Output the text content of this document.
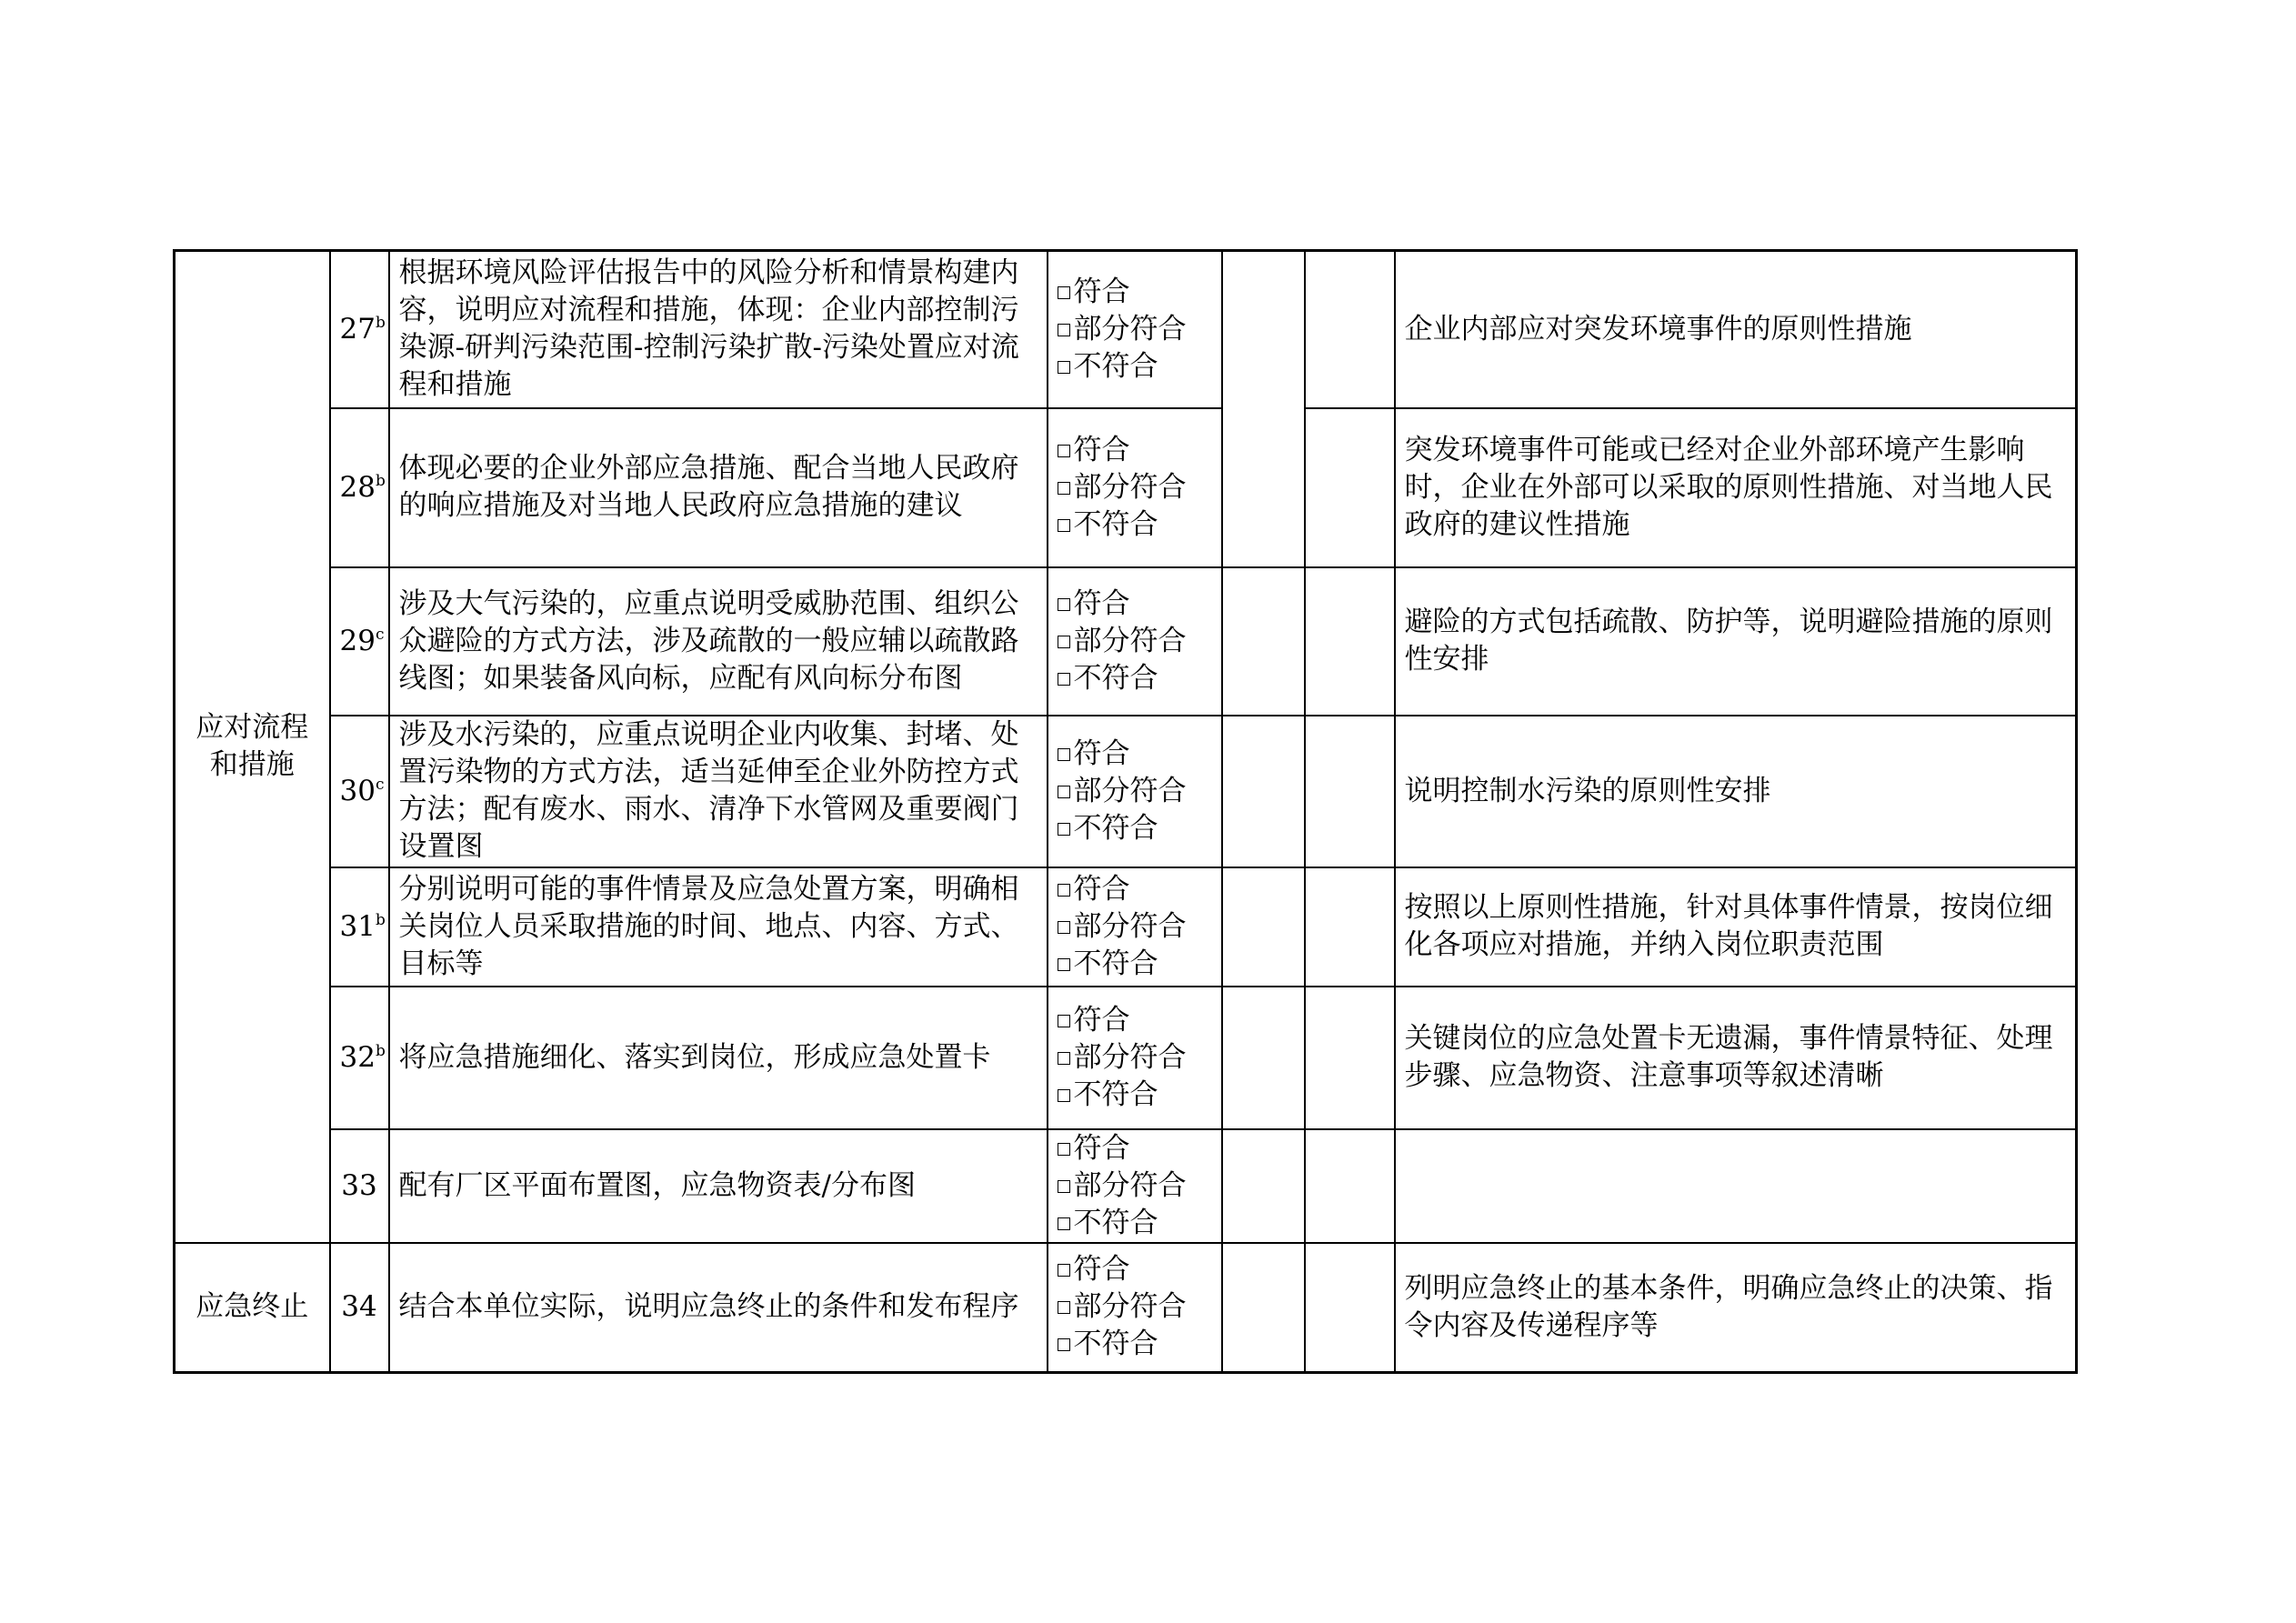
应对流程和措施	27$^b$	根据环境风险评估报告中的风险分析和情景构建内容，说明应对流程和措施，体现：企业内部控制污染源-研判污染范围-控制污染扩散-污染处置应对流程和措施	符合
部分符合
不符合			企业内部应对突发环境事件的原则性措施
	28$^b$	体现必要的企业外部应急措施、配合当地人民政府的响应措施及对当地人民政府应急措施的建议	符合
部分符合
不符合			突发环境事件可能或已经对企业外部环境产生影响时，企业在外部可以采取的原则性措施、对当地人民政府的建议性措施
	29$^c$	涉及大气污染的，应重点说明受威胁范围、组织公众避险的方式方法，涉及疏散的一般应辅以疏散路线图；如果装备风向标，应配有风向标分布图	符合
部分符合
不符合			避险的方式包括疏散、防护等，说明避险措施的原则性安排
	30$^c$	涉及水污染的，应重点说明企业内收集、封堵、处置污染物的方式方法，适当延伸至企业外防控方式方法；配有废水、雨水、清净下水管网及重要阀门设置图	符合
部分符合
不符合			说明控制水污染的原则性安排
	31$^b$	分别说明可能的事件情景及应急处置方案，明确相关岗位人员采取措施的时间、地点、内容、方式、目标等	符合
部分符合
不符合			按照以上原则性措施，针对具体事件情景，按岗位细化各项应对措施，并纳入岗位职责范围
	32$^b$	将应急措施细化、落实到岗位，形成应急处置卡	符合
部分符合
不符合			关键岗位的应急处置卡无遗漏，事件情景特征、处理步骤、应急物资、注意事项等叙述清晰
	33	配有厂区平面布置图，应急物资表/分布图	符合
部分符合
不符合			

应急终止	34	结合本单位实际，说明应急终止的条件和发布程序	符合
部分符合
不符合			列明应急终止的基本条件，明确应急终止的决策、指令内容及传递程序等
